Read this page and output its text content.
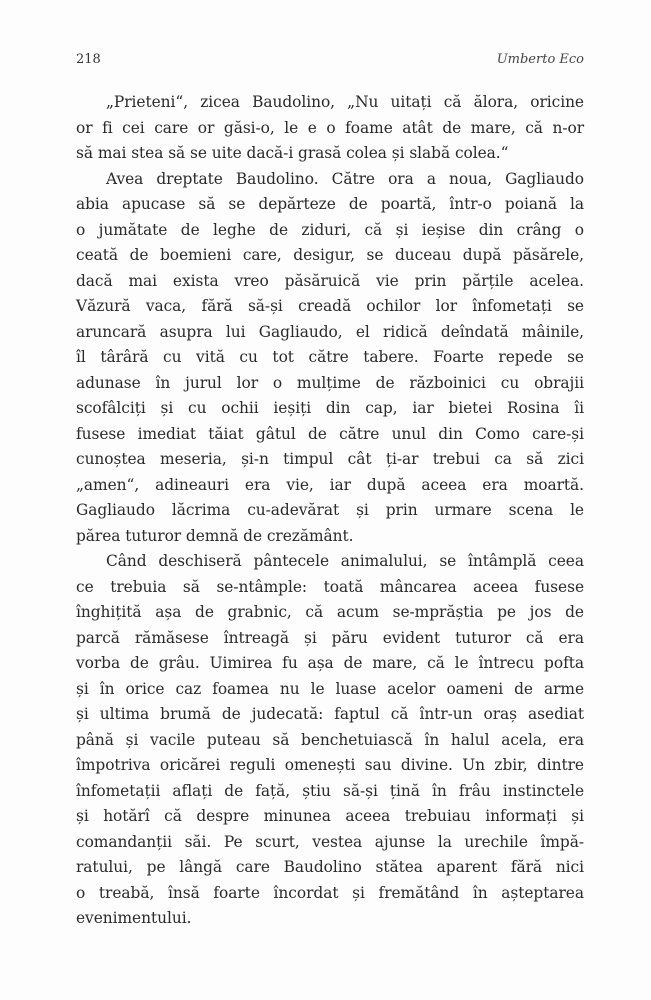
218	Umberto Eco
„Prieteni“, zicea Baudolino, „Nu uitați că ălora, oricine
or fi cei care or găsi-o, le e o foame atât de mare, că n-or
să mai stea să se uite dacă-i grasă colea și slabă colea.“
Avea dreptate Baudolino. Către ora a noua, Gagliaudo
abia apucase să se depărteze de poartă, într-o poiană la
o jumătate de leghe de ziduri, că și ieșise din crâng o
ceată de boemieni care, desigur, se duceau după păsărele,
dacă mai exista vreo păsăruică vie prin părțile acelea.
Văzură vaca, fără să-și creadă ochilor lor înfometați se
aruncară asupra lui Gagliaudo, el ridică deîndată mâinile,
îl târâră cu vită cu tot către tabere. Foarte repede se
adunase în jurul lor o mulțime de războinici cu obrajii
scofâlciți și cu ochii ieșiți din cap, iar bietei Rosina îi
fusese imediat tăiat gâtul de către unul din Como care-și
cunoștea meseria, și-n timpul cât ți-ar trebui ca să zici
„amen“, adineauri era vie, iar după aceea era moartă.
Gagliaudo lăcrima cu-adevărat și prin urmare scena le
părea tuturor demnă de crezământ.
Când deschiseră pântecele animalului, se întâmplă ceea
ce trebuia să se-ntâmple: toată mâncarea aceea fusese
înghițită așa de grabnic, că acum se-mprăștia pe jos de
parcă rămăsese întreagă și păru evident tuturor că era
vorba de grâu. Uimirea fu așa de mare, că le întrecu pofta
și în orice caz foamea nu le luase acelor oameni de arme
și ultima brumă de judecată: faptul că într-un oraș asediat
până și vacile puteau să benchetuiască în halul acela, era
împotriva oricărei reguli omenești sau divine. Un zbir, dintre
înfometații aflați de față, știu să-și țină în frâu instinctele
și hotărî că despre minunea aceea trebuiau informați și
comandanții săi. Pe scurt, vestea ajunse la urechile împă-
ratului, pe lângă care Baudolino stătea aparent fără nici
o treabă, însă foarte încordat și fremătând în așteptarea
evenimentului.
